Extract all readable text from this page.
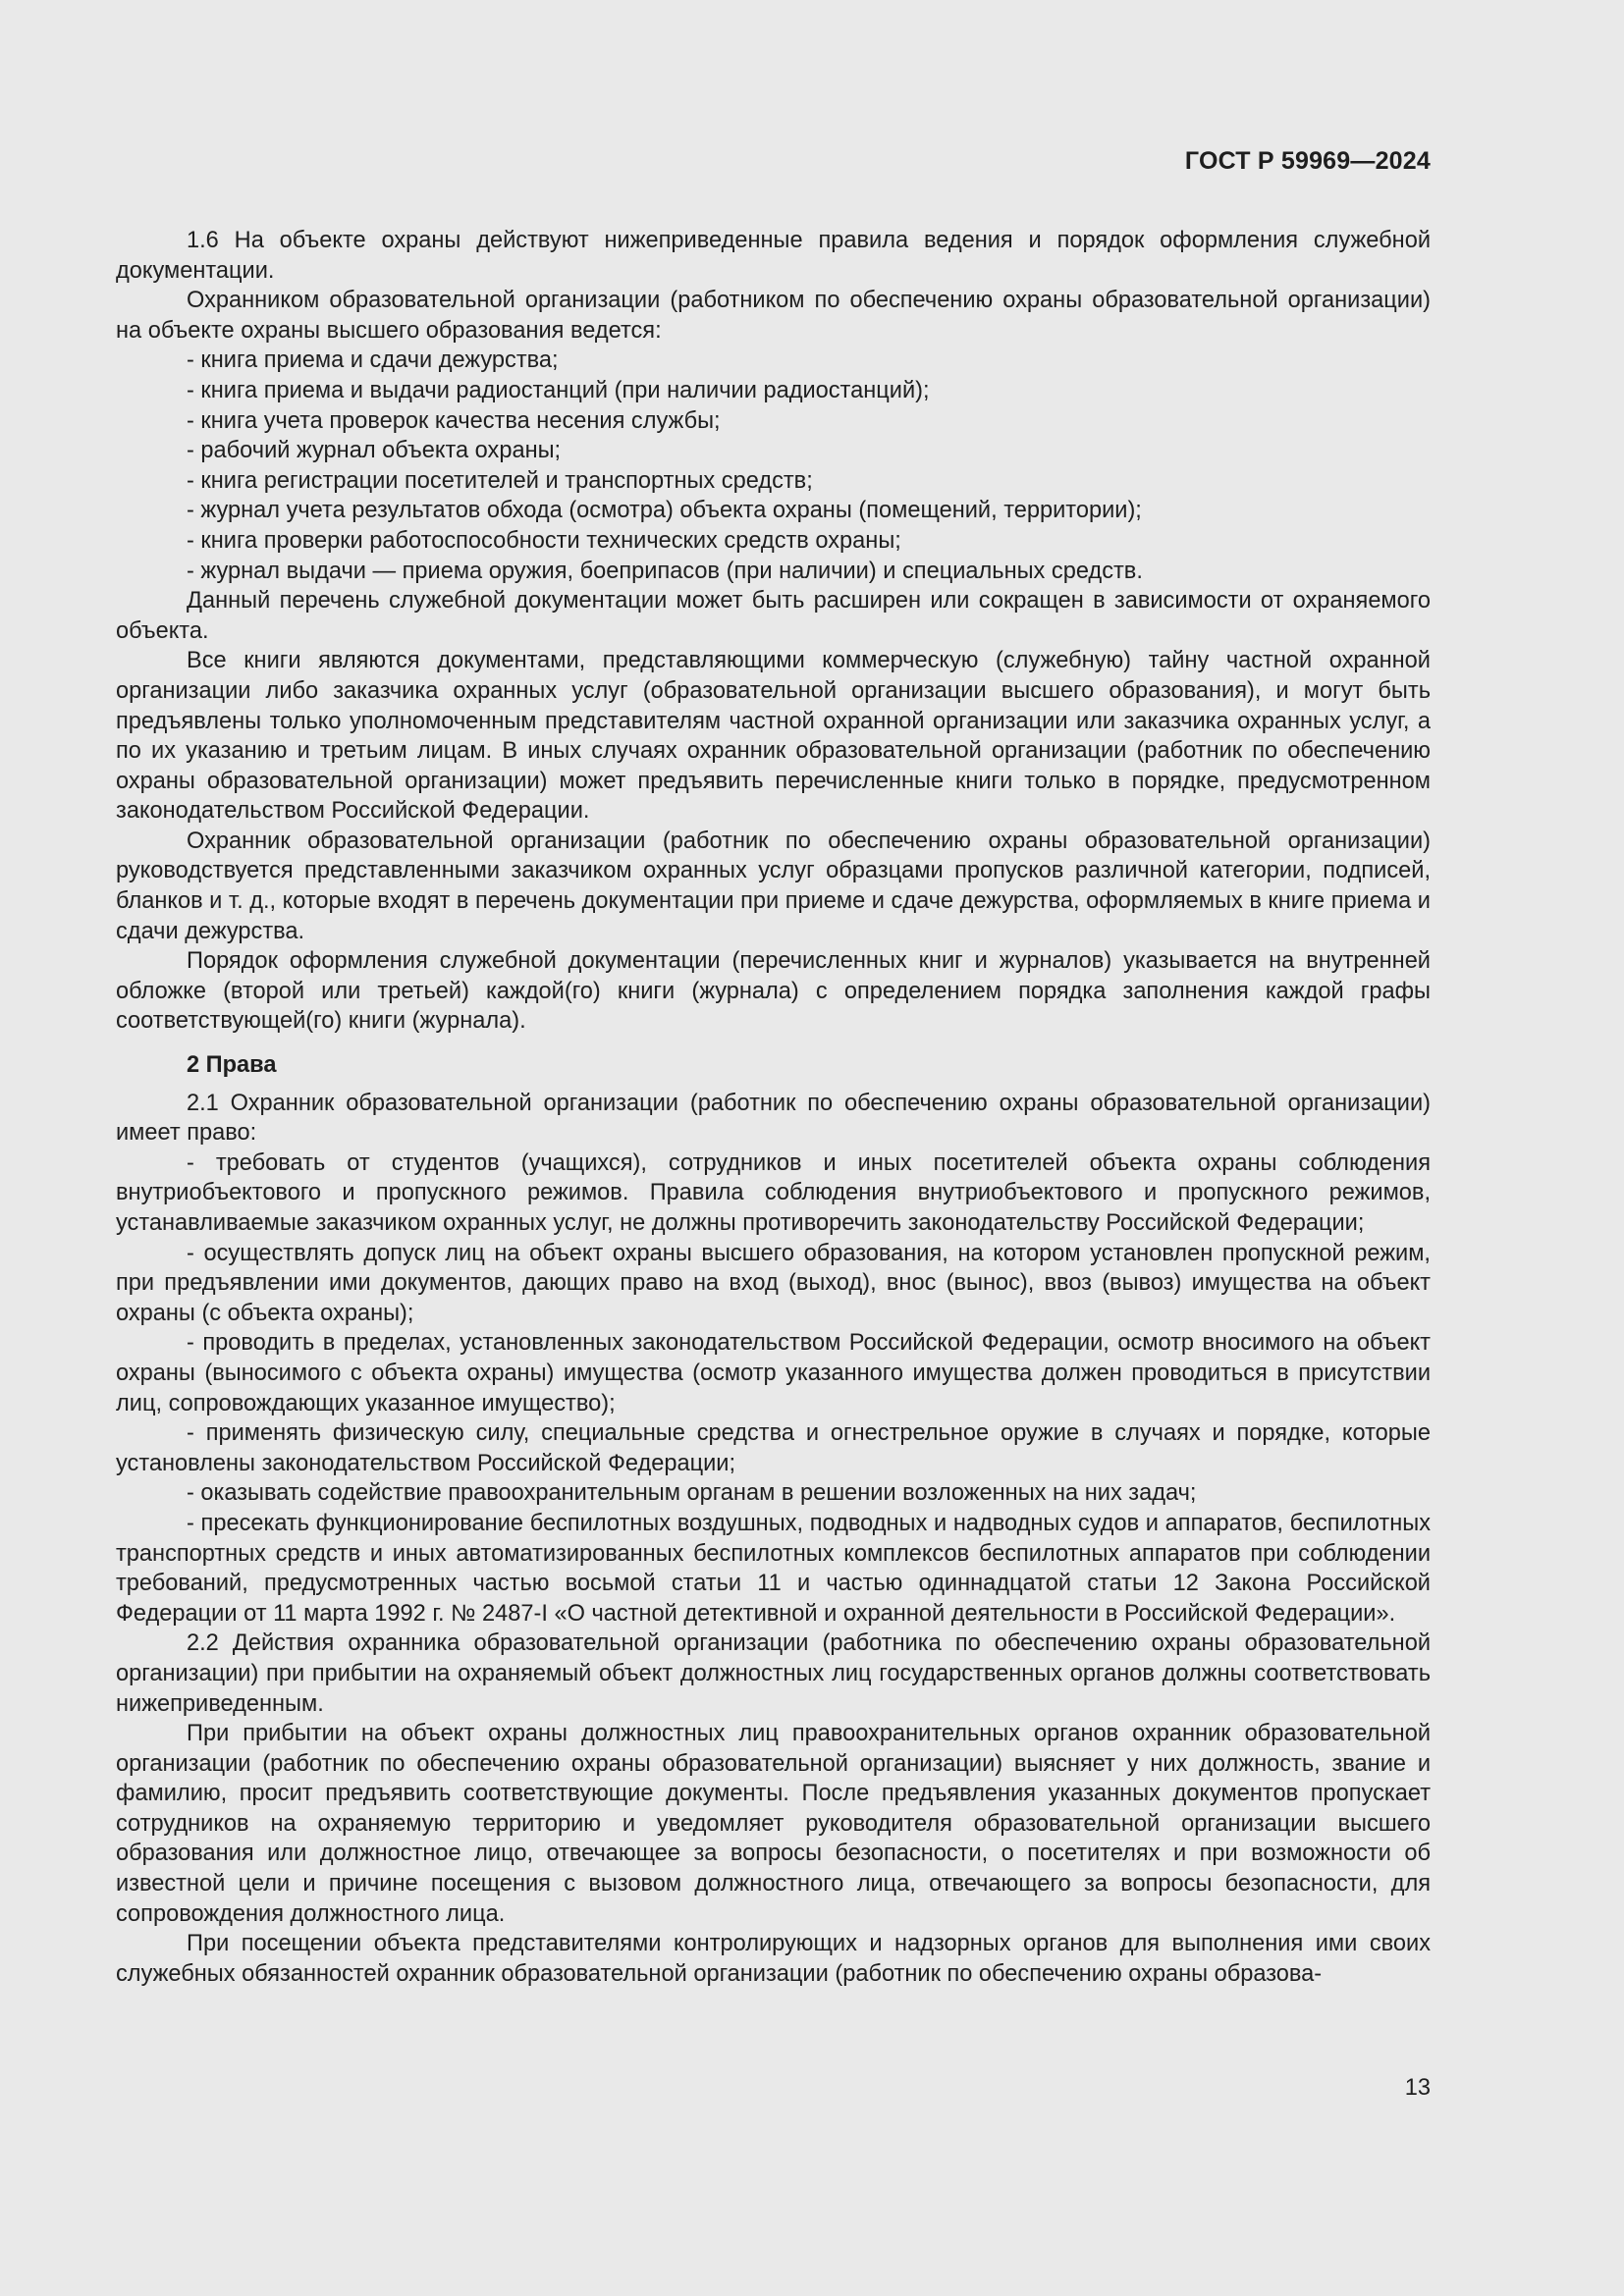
ГОСТ Р 59969—2024

1.6 На объекте охраны действуют нижеприведенные правила ведения и порядок оформления служебной документации.

Охранником образовательной организации (работником по обеспечению охраны образовательной организации) на объекте охраны высшего образования ведется:

- книга приема и сдачи дежурства;

- книга приема и выдачи радиостанций (при наличии радиостанций);

- книга учета проверок качества несения службы;

- рабочий журнал объекта охраны;

- книга регистрации посетителей и транспортных средств;

- журнал учета результатов обхода (осмотра) объекта охраны (помещений, территории);

- книга проверки работоспособности технических средств охраны;

- журнал выдачи — приема оружия, боеприпасов (при наличии) и специальных средств.

Данный перечень служебной документации может быть расширен или сокращен в зависимости от охраняемого объекта.

Все книги являются документами, представляющими коммерческую (служебную) тайну частной охранной организации либо заказчика охранных услуг (образовательной организации высшего образования), и могут быть предъявлены только уполномоченным представителям частной охранной организации или заказчика охранных услуг, а по их указанию и третьим лицам. В иных случаях охранник образовательной организации (работник по обеспечению охраны образовательной организации) может предъявить перечисленные книги только в порядке, предусмотренном законодательством Российской Федерации.

Охранник образовательной организации (работник по обеспечению охраны образовательной организации) руководствуется представленными заказчиком охранных услуг образцами пропусков различной категории, подписей, бланков и т. д., которые входят в перечень документации при приеме и сдаче дежурства, оформляемых в книге приема и сдачи дежурства.

Порядок оформления служебной документации (перечисленных книг и журналов) указывается на внутренней обложке (второй или третьей) каждой(го) книги (журнала) с определением порядка заполнения каждой графы соответствующей(го) книги (журнала).

2 Права

2.1 Охранник образовательной организации (работник по обеспечению охраны образовательной организации) имеет право:

- требовать от студентов (учащихся), сотрудников и иных посетителей объекта охраны соблюдения внутриобъектового и пропускного режимов. Правила соблюдения внутриобъектового и пропускного режимов, устанавливаемые заказчиком охранных услуг, не должны противоречить законодательству Российской Федерации;

- осуществлять допуск лиц на объект охраны высшего образования, на котором установлен пропускной режим, при предъявлении ими документов, дающих право на вход (выход), внос (вынос), ввоз (вывоз) имущества на объект охраны (с объекта охраны);

- проводить в пределах, установленных законодательством Российской Федерации, осмотр вносимого на объект охраны (выносимого с объекта охраны) имущества (осмотр указанного имущества должен проводиться в присутствии лиц, сопровождающих указанное имущество);

- применять физическую силу, специальные средства и огнестрельное оружие в случаях и порядке, которые установлены законодательством Российской Федерации;

- оказывать содействие правоохранительным органам в решении возложенных на них задач;

- пресекать функционирование беспилотных воздушных, подводных и надводных судов и аппаратов, беспилотных транспортных средств и иных автоматизированных беспилотных комплексов беспилотных аппаратов при соблюдении требований, предусмотренных частью восьмой статьи 11 и частью одиннадцатой статьи 12 Закона Российской Федерации от 11 марта 1992 г. № 2487-I «О частной детективной и охранной деятельности в Российской Федерации».

2.2 Действия охранника образовательной организации (работника по обеспечению охраны образовательной организации) при прибытии на охраняемый объект должностных лиц государственных органов должны соответствовать нижеприведенным.

При прибытии на объект охраны должностных лиц правоохранительных органов охранник образовательной организации (работник по обеспечению охраны образовательной организации) выясняет у них должность, звание и фамилию, просит предъявить соответствующие документы. После предъявления указанных документов пропускает сотрудников на охраняемую территорию и уведомляет руководителя образовательной организации высшего образования или должностное лицо, отвечающее за вопросы безопасности, о посетителях и при возможности об известной цели и причине посещения с вызовом должностного лица, отвечающего за вопросы безопасности, для сопровождения должностного лица.

При посещении объекта представителями контролирующих и надзорных органов для выполнения ими своих служебных обязанностей охранник образовательной организации (работник по обеспечению охраны образова-

13
